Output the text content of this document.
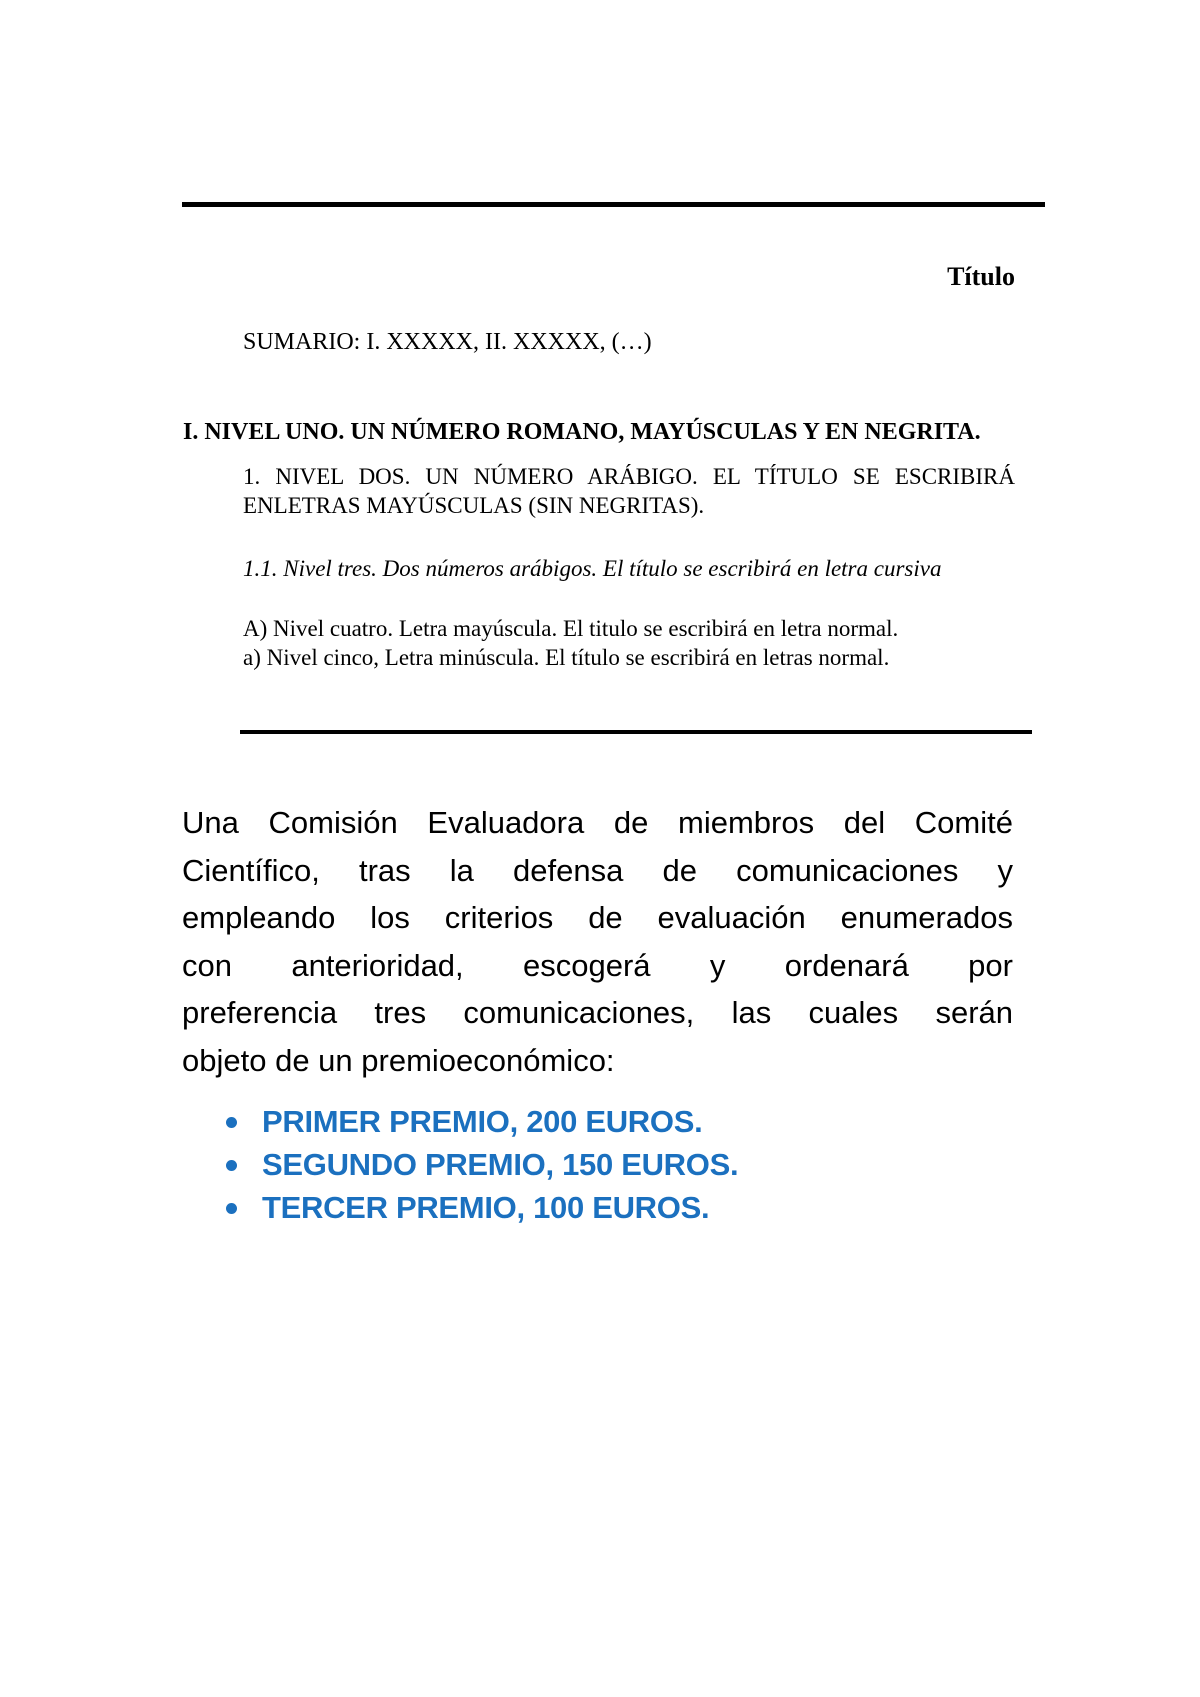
Título
SUMARIO: I. XXXXX, II. XXXXX, (…)
I. NIVEL UNO. UN NÚMERO ROMANO, MAYÚSCULAS Y EN NEGRITA.
1. NIVEL DOS. UN NÚMERO ARÁBIGO. EL TÍTULO SE ESCRIBIRÁ
ENLETRAS MAYÚSCULAS (SIN NEGRITAS).
1.1. Nivel tres. Dos números arábigos. El título se escribirá en letra cursiva
A) Nivel cuatro. Letra mayúscula. El titulo se escribirá en letra normal.
a) Nivel cinco, Letra minúscula. El título se escribirá en letras normal.
Una Comisión Evaluadora de miembros del Comité
Científico, tras la defensa de comunicaciones y
empleando los criterios de evaluación enumerados
con anterioridad, escogerá y ordenará por
preferencia tres comunicaciones, las cuales serán
objeto de un premioeconómico:
PRIMER PREMIO, 200 EUROS.
SEGUNDO PREMIO, 150 EUROS.
TERCER PREMIO, 100 EUROS.
